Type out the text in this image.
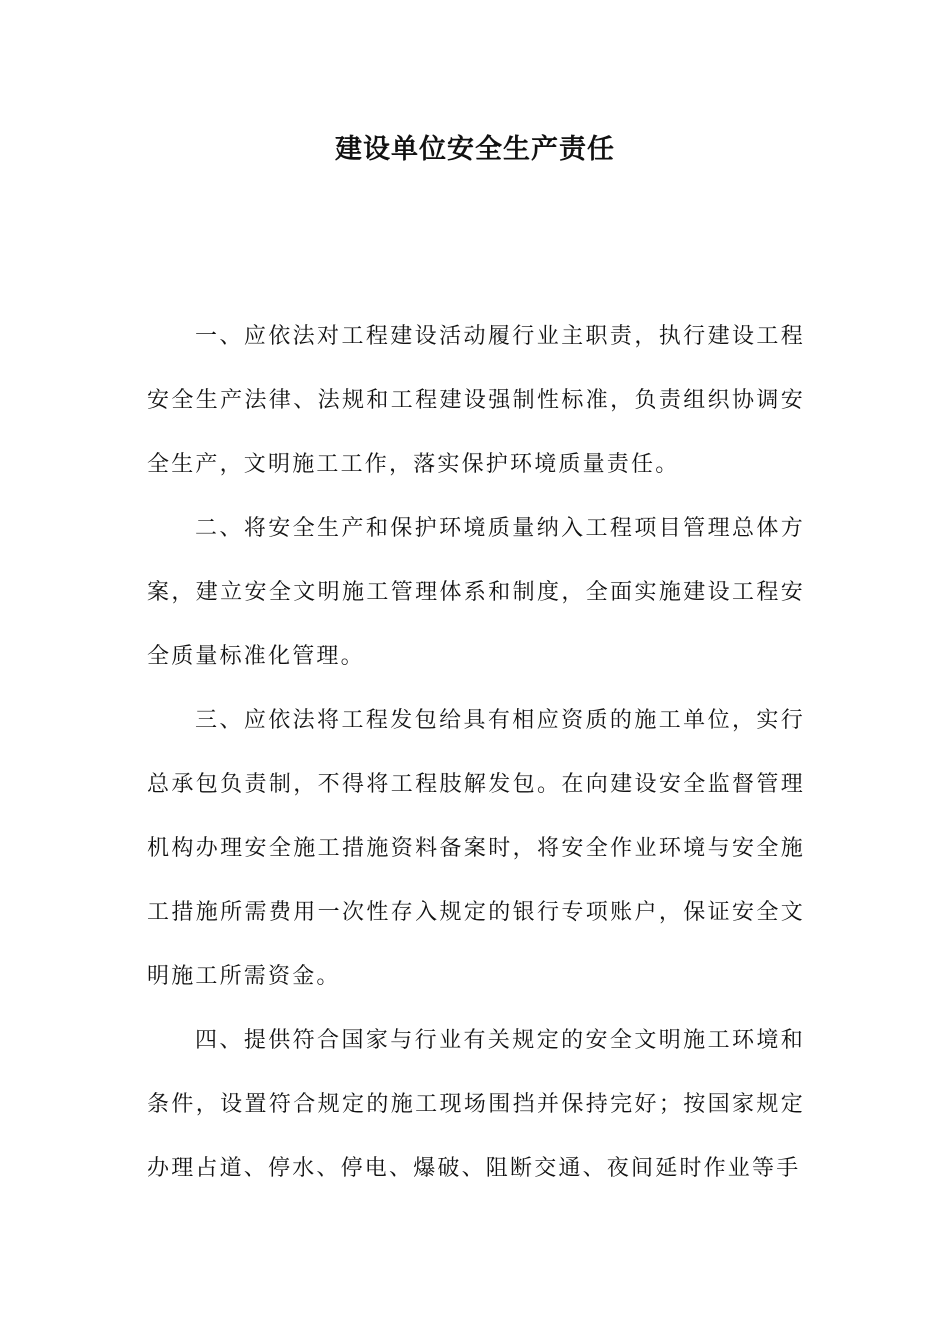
建设单位安全生产责任

一、应依法对工程建设活动履行业主职责，执行建设工程安全生产法律、法规和工程建设强制性标准，负责组织协调安全生产，文明施工工作，落实保护环境质量责任。

二、将安全生产和保护环境质量纳入工程项目管理总体方案，建立安全文明施工管理体系和制度，全面实施建设工程安全质量标准化管理。

三、应依法将工程发包给具有相应资质的施工单位，实行总承包负责制，不得将工程肢解发包。在向建设安全监督管理机构办理安全施工措施资料备案时，将安全作业环境与安全施工措施所需费用一次性存入规定的银行专项账户，保证安全文明施工所需资金。

四、提供符合国家与行业有关规定的安全文明施工环境和条件，设置符合规定的施工现场围挡并保持完好；按国家规定办理占道、停水、停电、爆破、阻断交通、夜间延时作业等手
